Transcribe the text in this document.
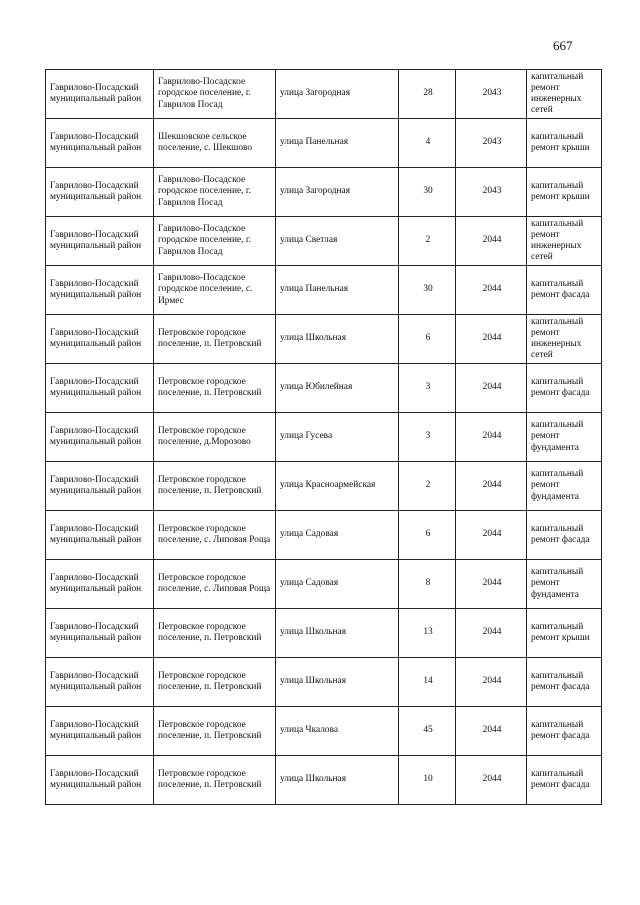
667
Гаврилово-Посадский муниципальный район	Гаврилово-Посадское городское поселение, г. Гаврилов Посад	улица Загородная	28	2043	капитальный ремонт инженерных сетей
Гаврилово-Посадский муниципальный район	Шекшовское сельское поселение, с. Шекшово	улица Панельная	4	2043	капитальный ремонт крыши
Гаврилово-Посадский муниципальный район	Гаврилово-Посадское городское поселение, г. Гаврилов Посад	улица Загородная	30	2043	капитальный ремонт крыши
Гаврилово-Посадский муниципальный район	Гаврилово-Посадское городское поселение, г. Гаврилов Посад	улица Светлая	2	2044	капитальный ремонт инженерных сетей
Гаврилово-Посадский муниципальный район	Гаврилово-Посадское городское поселение, с. Ирмес	улица Панельная	30	2044	капитальный ремонт фасада
Гаврилово-Посадский муниципальный район	Петровское городское поселение, п. Петровский	улица Школьная	6	2044	капитальный ремонт инженерных сетей
Гаврилово-Посадский муниципальный район	Петровское городское поселение, п. Петровский	улица Юбилейная	3	2044	капитальный ремонт фасада
Гаврилово-Посадский муниципальный район	Петровское городское поселение, д.Морозово	улица Гусева	3	2044	капитальный ремонт фундамента
Гаврилово-Посадский муниципальный район	Петровское городское поселение, п. Петровский	улица Красноармейская	2	2044	капитальный ремонт фундамента
Гаврилово-Посадский муниципальный район	Петровское городское поселение, с. Липовая Роща	улица Садовая	6	2044	капитальный ремонт фасада
Гаврилово-Посадский муниципальный район	Петровское городское поселение, с. Липовая Роща	улица Садовая	8	2044	капитальный ремонт фундамента
Гаврилово-Посадский муниципальный район	Петровское городское поселение, п. Петровский	улица Школьная	13	2044	капитальный ремонт крыши
Гаврилово-Посадский муниципальный район	Петровское городское поселение, п. Петровский	улица Школьная	14	2044	капитальный ремонт фасада
Гаврилово-Посадский муниципальный район	Петровское городское поселение, п. Петровский	улица Чкалова	45	2044	капитальный ремонт фасада
Гаврилово-Посадский муниципальный район	Петровское городское поселение, п. Петровский	улица Школьная	10	2044	капитальный ремонт фасада
